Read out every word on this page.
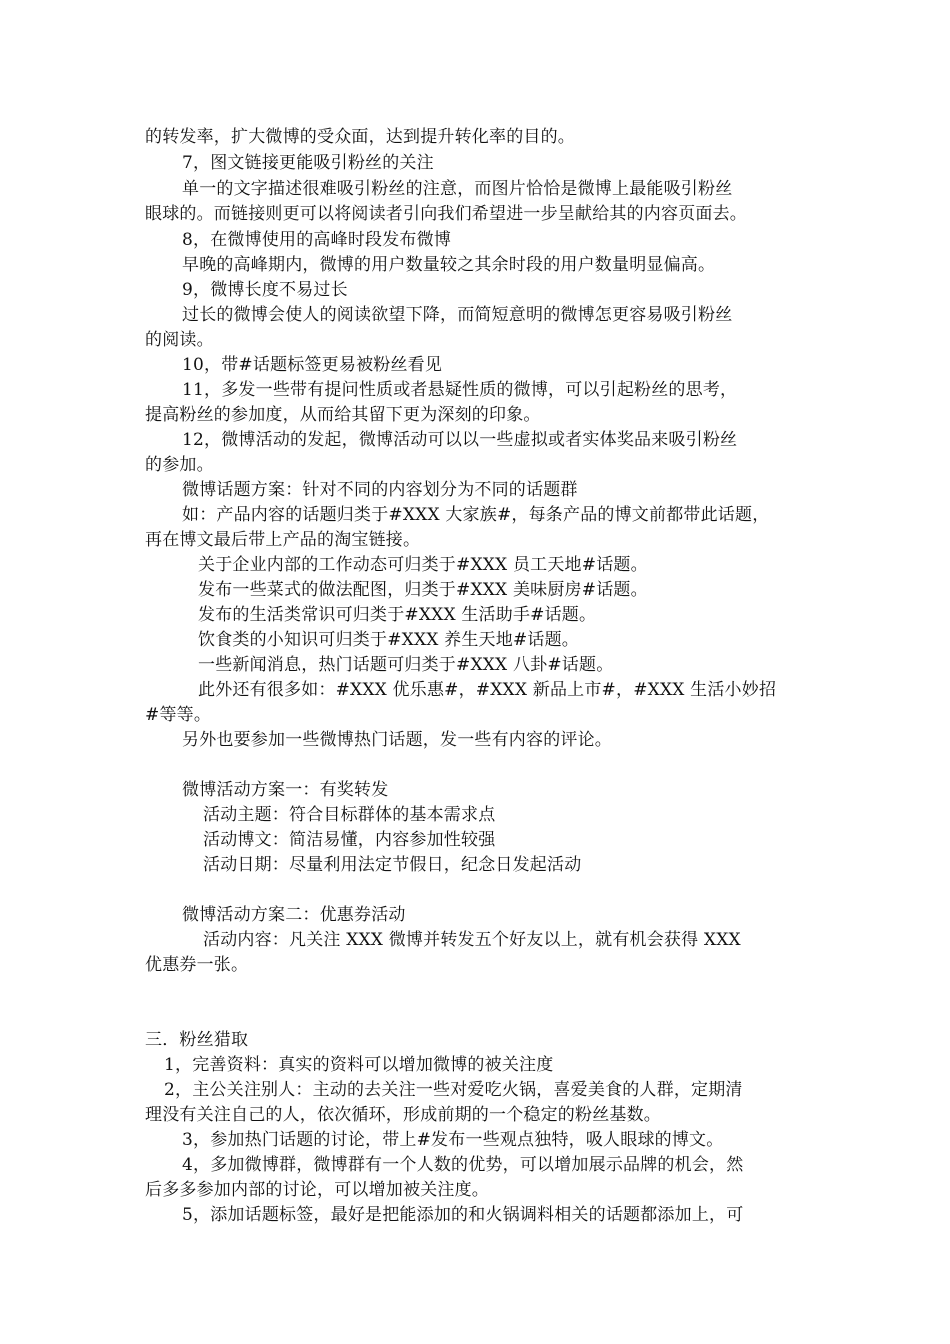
的转发率，扩大微博的受众面，达到提升转化率的目的。
7，图文链接更能吸引粉丝的关注
单一的文字描述很难吸引粉丝的注意，而图片恰恰是微博上最能吸引粉丝
眼球的。而链接则更可以将阅读者引向我们希望进一步呈献给其的内容页面去。
8，在微博使用的高峰时段发布微博
早晚的高峰期内，微博的用户数量较之其余时段的用户数量明显偏高。
9，微博长度不易过长
过长的微博会使人的阅读欲望下降，而简短意明的微博怎更容易吸引粉丝
的阅读。
10，带#话题标签更易被粉丝看见
11，多发一些带有提问性质或者悬疑性质的微博，可以引起粉丝的思考，
提高粉丝的参加度，从而给其留下更为深刻的印象。
12，微博活动的发起，微博活动可以以一些虚拟或者实体奖品来吸引粉丝
的参加。
微博话题方案：针对不同的内容划分为不同的话题群
如：产品内容的话题归类于#XXX 大家族#，每条产品的博文前都带此话题，
再在博文最后带上产品的淘宝链接。
关于企业内部的工作动态可归类于#XXX 员工天地#话题。
发布一些菜式的做法配图，归类于#XXX 美味厨房#话题。
发布的生活类常识可归类于#XXX 生活助手#话题。
饮食类的小知识可归类于#XXX 养生天地#话题。
一些新闻消息，热门话题可归类于#XXX 八卦#话题。
此外还有很多如：#XXX 优乐惠#，#XXX 新品上市#，#XXX 生活小妙招
#等等。
另外也要参加一些微博热门话题，发一些有内容的评论。
微博活动方案一：有奖转发
活动主题：符合目标群体的基本需求点
活动博文：简洁易懂，内容参加性较强
活动日期：尽量利用法定节假日，纪念日发起活动
微博活动方案二：优惠券活动
活动内容：凡关注 XXX 微博并转发五个好友以上，就有机会获得 XXX
优惠券一张。
三．粉丝猎取
1，完善资料：真实的资料可以增加微博的被关注度
2，主公关注别人：主动的去关注一些对爱吃火锅，喜爱美食的人群，定期清
理没有关注自己的人，依次循环，形成前期的一个稳定的粉丝基数。
3，参加热门话题的讨论，带上#发布一些观点独特，吸人眼球的博文。
4，多加微博群，微博群有一个人数的优势，可以增加展示品牌的机会，然
后多多参加内部的讨论，可以增加被关注度。
5，添加话题标签，最好是把能添加的和火锅调料相关的话题都添加上，可
